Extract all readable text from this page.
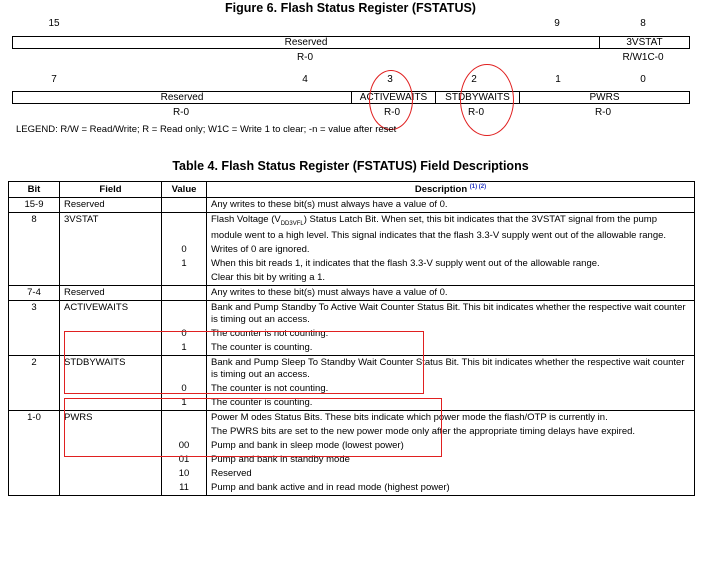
Figure 6. Flash Status Register (FSTATUS)
15	9	8
Reserved	3VSTAT
R-0	R/W1C-0
7	4	3	2	1	0
Reserved	ACTIVEWAITS	STDBYWAITS	PWRS
R-0	R-0	R-0	R-0
LEGEND: R/W = Read/Write; R = Read only; W1C = Write 1 to clear; -n = value after reset
Table 4. Flash Status Register (FSTATUS) Field Descriptions
Bit	Field	Value	Description $^{(1) (2)}$
15-9	Reserved		Any writes to these bit(s) must always have a value of 0.
8	3VSTAT		Flash Voltage $(V_{DD3VFL})$ Status Latch Bit. When set, this bit indicates that the 3VSTAT signal from the pump module went to a high level. This signal indicates that the flash 3.3-V supply went out of the allowable range.
		0	Writes of 0 are ignored.
		1	When this bit reads 1, it indicates that the flash 3.3-V supply went out of the allowable range.
			Clear this bit by writing a 1.
7-4	Reserved		Any writes to these bit(s) must always have a value of 0.
3	ACTIVEWAITS		Bank and Pump Standby To Active Wait Counter Status Bit. This bit indicates whether the respective wait counter is timing out an access.
		0	The counter is not counting.
		1	The counter is counting.
2	STDBYWAITS		Bank and Pump Sleep To Standby Wait Counter Status Bit. This bit indicates whether the respective wait counter is timing out an access.
		0	The counter is not counting.
		1	The counter is counting.
1-0	PWRS		Power M odes Status Bits. These bits indicate which power mode the flash/OTP is currently in.
			The PWRS bits are set to the new power mode only after the appropriate timing delays have expired.
		00	Pump and bank in sleep mode (lowest power)
		01	Pump and bank in standby mode
		10	Reserved
		11	Pump and bank active and in read mode (highest power)
